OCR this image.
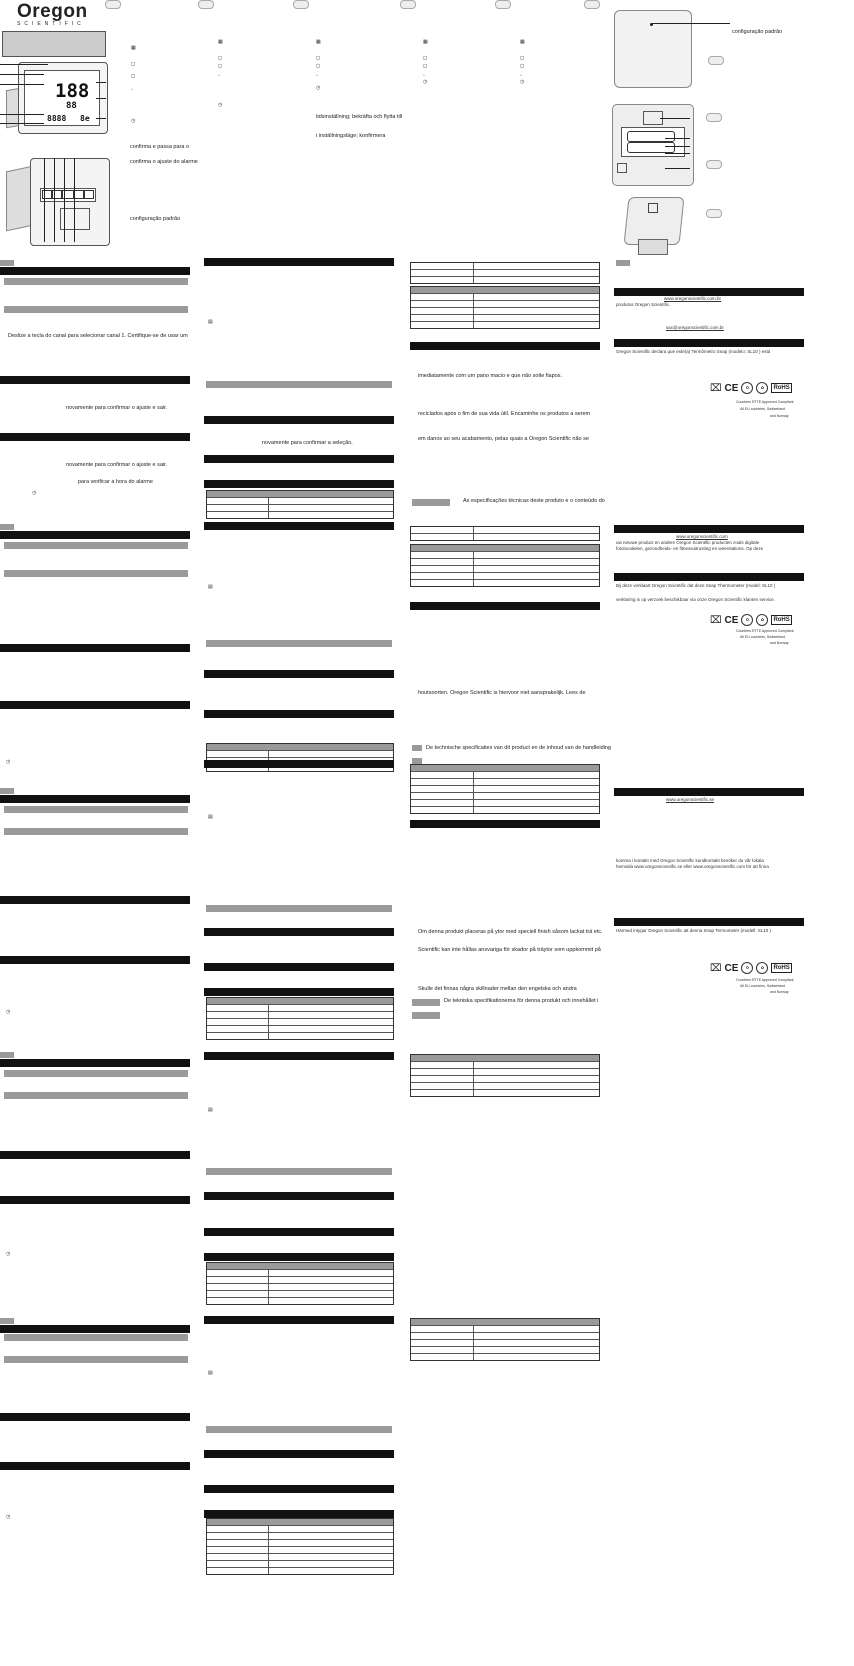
Oregon
SCIENTIFIC
188
88
8888 8e
confirma e passa para o
confirma o ajuste do alarme
configuração padrão
▦
◻
◻
▫
◷
Deslize a tecla do canal para selecionar canal 1. Certifique-se de usar um
novamente para confirmar o ajuste e sair.
novamente para confirmar o ajuste e sair.
para verificar a hora do alarme
◷
◷
◷
◷
◷
▦
◻
◻
▫
◷
▦
◻
◻
▫
◷
▦
◻
◻
▫
◷
▦
◻
◻
▫
◷
tidsinställning; bekräfta och flytta till
i inställningsläge; konfirmera
▤
novamente para confirmar a seleção.
▤
▤
▤
▤
imediatamente com um pano macio e que não solte fiapos.
reciclados após o fim de sua vida útil. Encaminhe os produtos a serem
em danos ao seu acabamento, pelas quais a Oregon Scientific não se
As especificações técnicas deste produto e o conteúdo do
houtsoorten. Oregon Scientific is hiervoor niet aansprakelijk. Lees de
De technische specificaties van dit product en de inhoud van de handleiding
Om denna produkt placeras på ytor med speciell finish såsom lackat trä etc.
Scientific kan inte hållas ansvariga för skador på träytor som uppkommit på
Skulle det finnas några skillnader mellan den engelska och andra
De tekniska specifikationerna för denna produkt och innehållet i
configuração padrão
www.oregonscientific.com.br
produtos Oregon Scientific.
sac@oregonscientific.com.br
Oregon Scientific declara que este(a) Termômetro Snap (modelo: SL10 ) está
⌧ CE	♻	✿	RoHS
Countries RTTE Approved Compliant
All EU countries, Switzerland
and Norway
www.oregonscientific.com
uw nieuwe product en andere Oregon Scientific producten zoals digitale
fotolocatielen, gezondheids- en fitnessuitrusting en weerstations. Op deze
Bij deze verklaart Oregon Scientific dat deze Snap Thermometer (model: SL10 )
verklaring is op verzoek beschikbaar via onze Oregon Scientific klanten service.
⌧ CE	♻	✿	RoHS
Countries RTTE Approved Compliant
All EU countries, Switzerland
and Norway
www.oregonscientific.se
komma i kontakt med Oregon Scientific kundkontakt besöker du vår lokala
hemsida www.oregonscientific.se eller www.oregonscientific.com för att finna
Härmed intygar Oregon Scientific att denna Snap Termometer (modell: SL10 )
⌧ CE	♻	✿	RoHS
Countries RTTE Approved Compliant
All EU countries, Switzerland
and Norway
